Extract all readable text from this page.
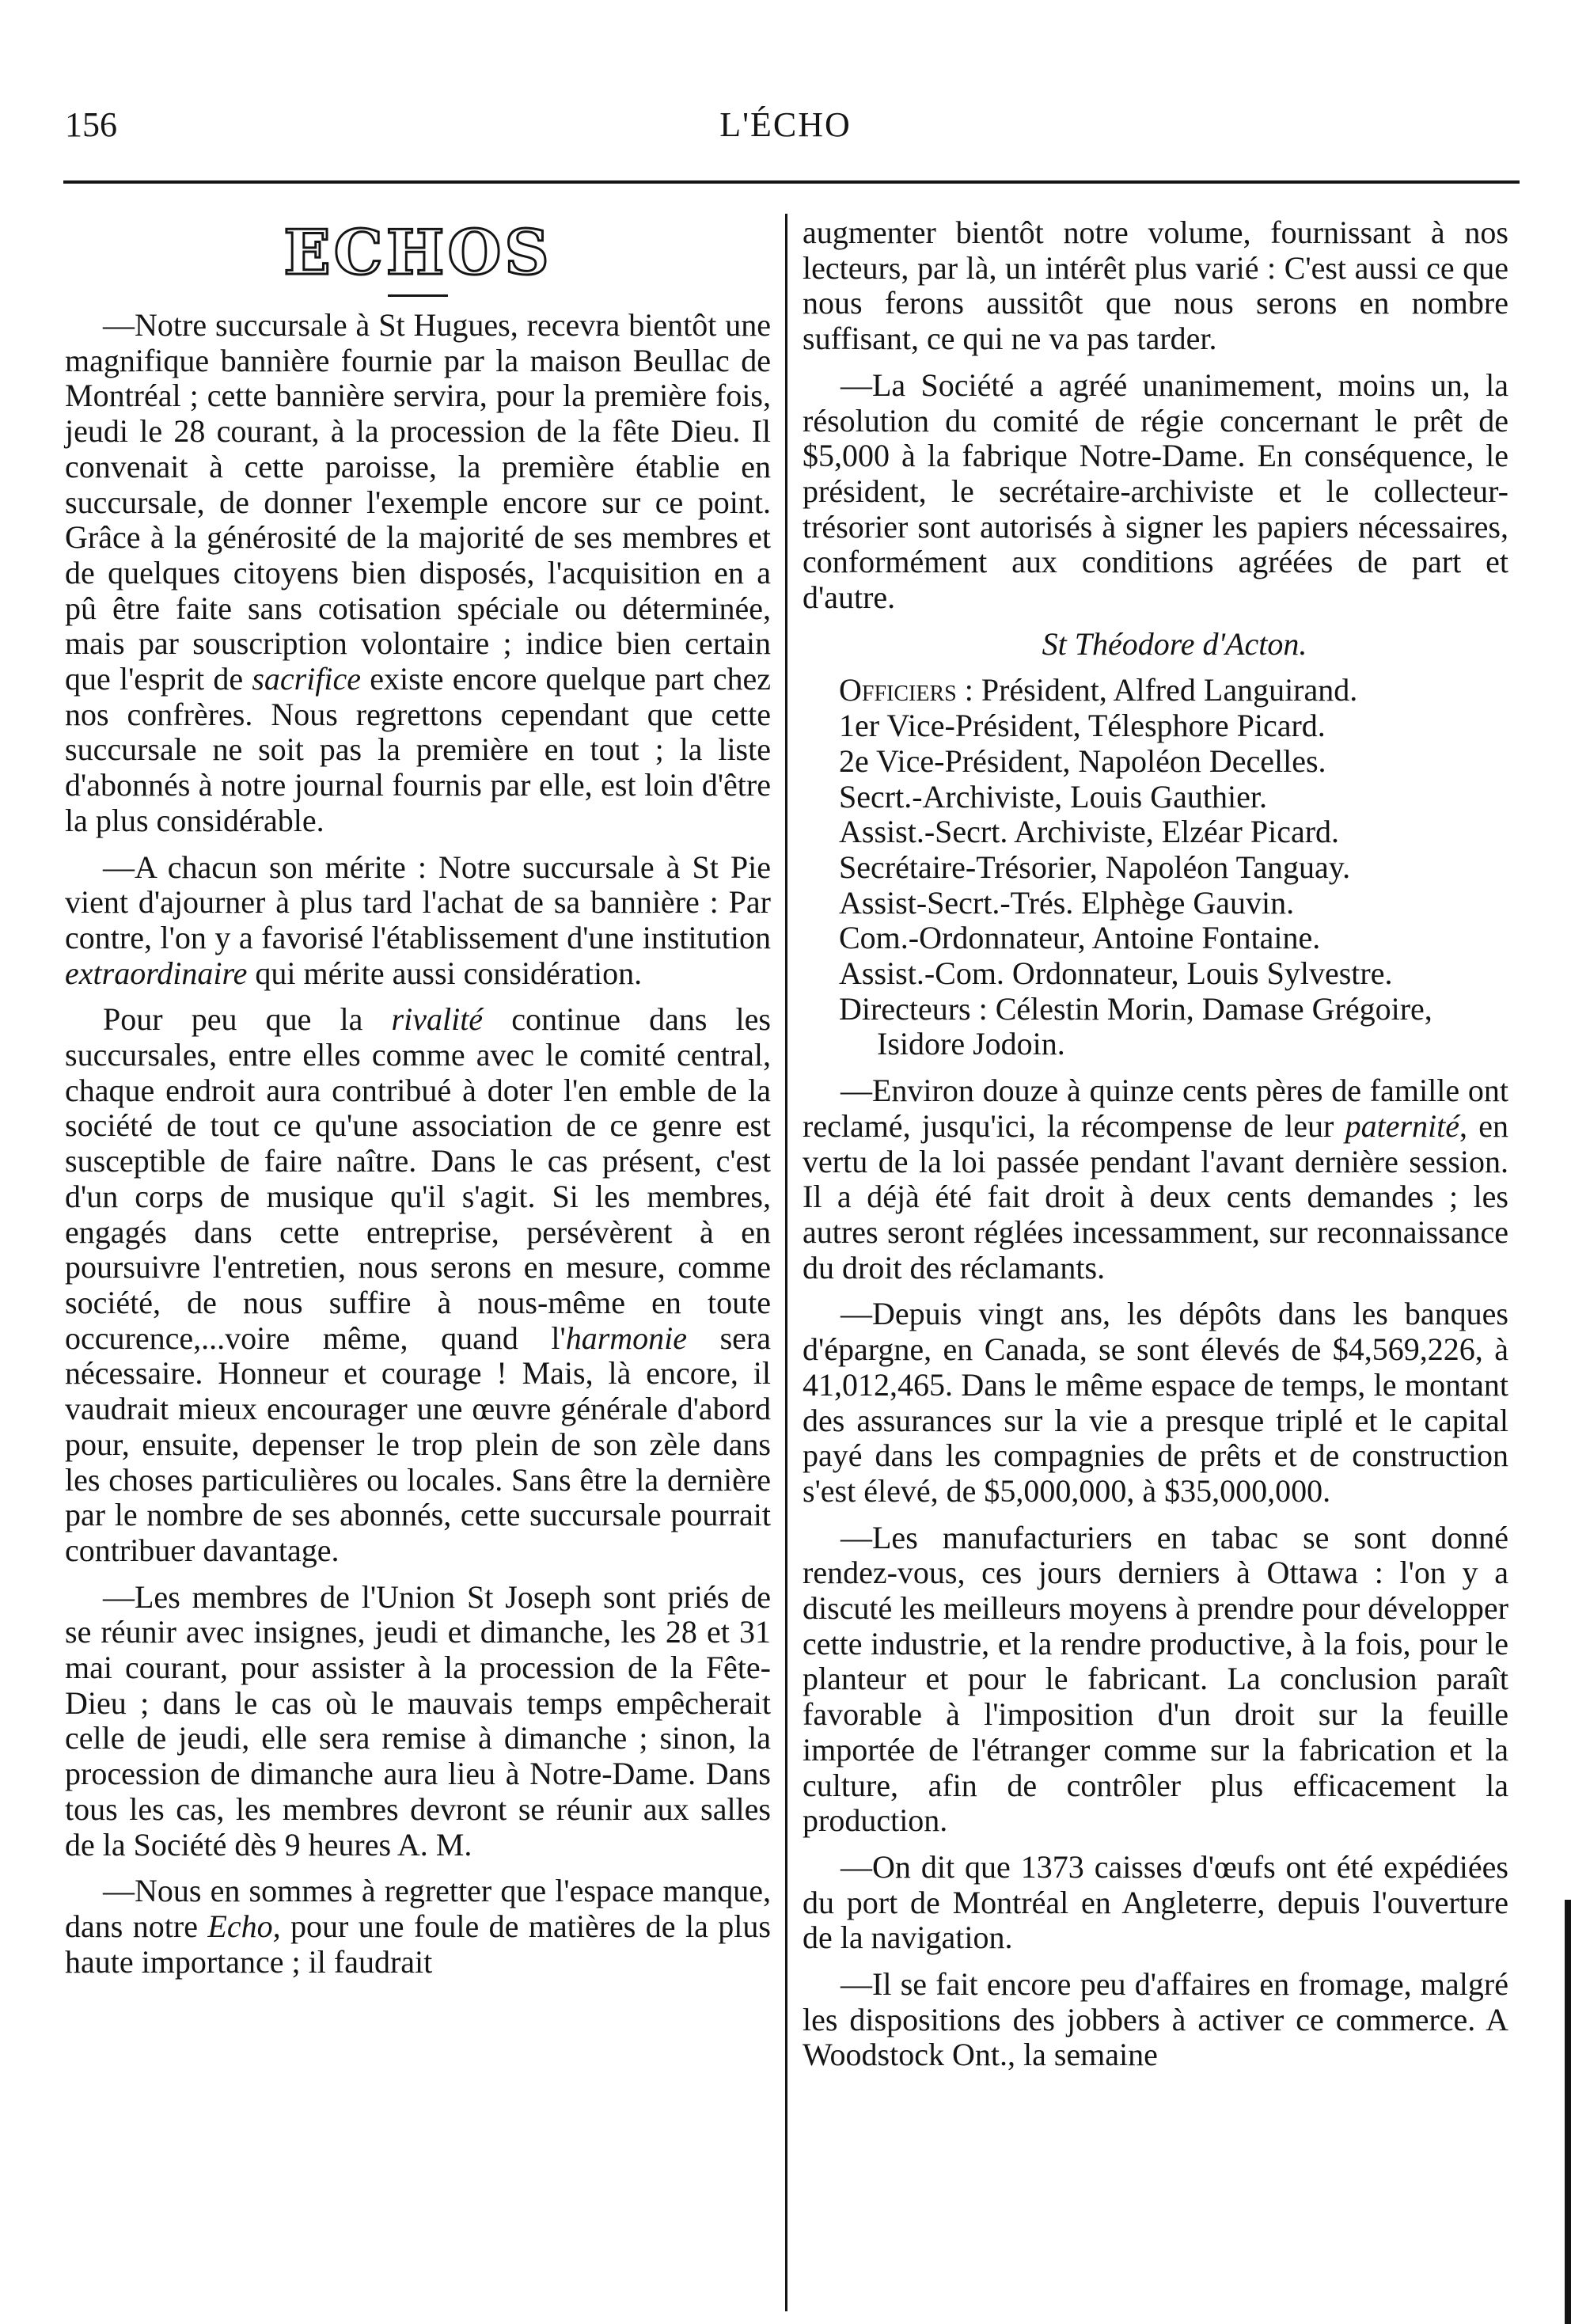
156	L'ÉCHO
ECHOS

—Notre succursale à St Hugues, recevra bientôt une magnifique bannière fournie par la maison Beullac de Montréal ; cette bannière servira, pour la première fois, jeudi le 28 courant, à la procession de la fête Dieu. Il convenait à cette paroisse, la première établie en succursale, de donner l'exemple encore sur ce point. Grâce à la générosité de la majorité de ses membres et de quelques citoyens bien disposés, l'acquisition en a pû être faite sans cotisation spéciale ou déterminée, mais par souscription volontaire ; indice bien certain que l'esprit de sacrifice existe encore quelque part chez nos confrères. Nous regrettons cependant que cette succursale ne soit pas la première en tout ; la liste d'abonnés à notre journal fournis par elle, est loin d'être la plus considérable.

—A chacun son mérite : Notre succursale à St Pie vient d'ajourner à plus tard l'achat de sa bannière : Par contre, l'on y a favorisé l'établissement d'une institution extraordinaire qui mérite aussi considération.

Pour peu que la rivalité continue dans les succursales, entre elles comme avec le comité central, chaque endroit aura contribué à doter l'en emble de la société de tout ce qu'une association de ce genre est susceptible de faire naître. Dans le cas présent, c'est d'un corps de musique qu'il s'agit. Si les membres, engagés dans cette entreprise, persévèrent à en poursuivre l'entretien, nous serons en mesure, comme société, de nous suffire à nous-même en toute occurence,...voire même, quand l'harmonie sera nécessaire. Honneur et courage ! Mais, là encore, il vaudrait mieux encourager une œuvre générale d'abord pour, ensuite, depenser le trop plein de son zèle dans les choses particulières ou locales. Sans être la dernière par le nombre de ses abonnés, cette succursale pourrait contribuer davantage.

—Les membres de l'Union St Joseph sont priés de se réunir avec insignes, jeudi et dimanche, les 28 et 31 mai courant, pour assister à la procession de la Fête-Dieu ; dans le cas où le mauvais temps empêcherait celle de jeudi, elle sera remise à dimanche ; sinon, la procession de dimanche aura lieu à Notre-Dame. Dans tous les cas, les membres devront se réunir aux salles de la Société dès 9 heures A. M.

—Nous en sommes à regretter que l'espace manque, dans notre Echo, pour une foule de matières de la plus haute importance ; il faudrait

augmenter bientôt notre volume, fournissant à nos lecteurs, par là, un intérêt plus varié : C'est aussi ce que nous ferons aussitôt que nous serons en nombre suffisant, ce qui ne va pas tarder.

—La Société a agréé unanimement, moins un, la résolution du comité de régie concernant le prêt de $5,000 à la fabrique Notre-Dame. En conséquence, le président, le secrétaire-archiviste et le collecteur-trésorier sont autorisés à signer les papiers nécessaires, conformément aux conditions agréées de part et d'autre.

St Théodore d'Acton.

Officiers : Président, Alfred Languirand.
1er Vice-Président, Télesphore Picard.
2e Vice-Président, Napoléon Decelles.
Secrt.-Archiviste, Louis Gauthier.
Assist.-Secrt. Archiviste, Elzéar Picard.
Secrétaire-Trésorier, Napoléon Tanguay.
Assist-Secrt.-Trés. Elphège Gauvin.
Com.-Ordonnateur, Antoine Fontaine.
Assist.-Com. Ordonnateur, Louis Sylvestre.
Directeurs : Célestin Morin, Damase Grégoire, Isidore Jodoin.

—Environ douze à quinze cents pères de famille ont reclamé, jusqu'ici, la récompense de leur paternité, en vertu de la loi passée pendant l'avant dernière session. Il a déjà été fait droit à deux cents demandes ; les autres seront réglées incessamment, sur reconnaissance du droit des réclamants.

—Depuis vingt ans, les dépôts dans les banques d'épargne, en Canada, se sont élevés de $4,569,226, à 41,012,465. Dans le même espace de temps, le montant des assurances sur la vie a presque triplé et le capital payé dans les compagnies de prêts et de construction s'est élevé, de $5,000,000, à $35,000,000.

—Les manufacturiers en tabac se sont donné rendez-vous, ces jours derniers à Ottawa : l'on y a discuté les meilleurs moyens à prendre pour développer cette industrie, et la rendre productive, à la fois, pour le planteur et pour le fabricant. La conclusion paraît favorable à l'imposition d'un droit sur la feuille importée de l'étranger comme sur la fabrication et la culture, afin de contrôler plus efficacement la production.

—On dit que 1373 caisses d'œufs ont été expédiées du port de Montréal en Angleterre, depuis l'ouverture de la navigation.

—Il se fait encore peu d'affaires en fromage, malgré les dispositions des jobbers à activer ce commerce. A Woodstock Ont., la semaine
